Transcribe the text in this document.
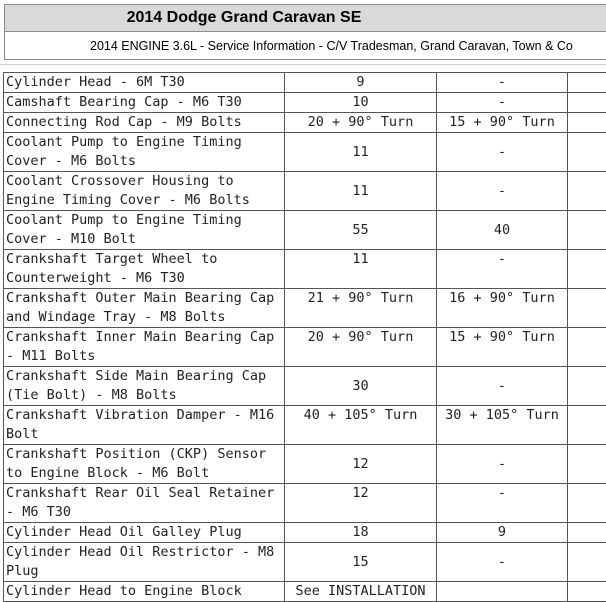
2014 Dodge Grand Caravan SE
2014 ENGINE 3.6L - Service Information - C/V Tradesman, Grand Caravan, Town & Co
Cylinder Head - 6M T30	9	-	
Camshaft Bearing Cap - M6 T30	10	-	
Connecting Rod Cap - M9 Bolts	20 + 90° Turn	15 + 90° Turn	
Coolant Pump to Engine Timing Cover - M6 Bolts	11	-	
Coolant Crossover Housing to Engine Timing Cover - M6 Bolts	11	-	
Coolant Pump to Engine Timing Cover - M10 Bolt	55	40	
Crankshaft Target Wheel to Counterweight - M6 T30	11	-	
Crankshaft Outer Main Bearing Cap and Windage Tray - M8 Bolts	21 + 90° Turn	16 + 90° Turn	
Crankshaft Inner Main Bearing Cap - M11 Bolts	20 + 90° Turn	15 + 90° Turn	
Crankshaft Side Main Bearing Cap (Tie Bolt) - M8 Bolts	30	-	
Crankshaft Vibration Damper - M16 Bolt	40 + 105° Turn	30 + 105° Turn	
Crankshaft Position (CKP) Sensor to Engine Block - M6 Bolt	12	-	
Crankshaft Rear Oil Seal Retainer - M6 T30	12	-	
Cylinder Head Oil Galley Plug	18	9	
Cylinder Head Oil Restrictor - M8 Plug	15	-	
Cylinder Head to Engine Block	See INSTALLATION		
